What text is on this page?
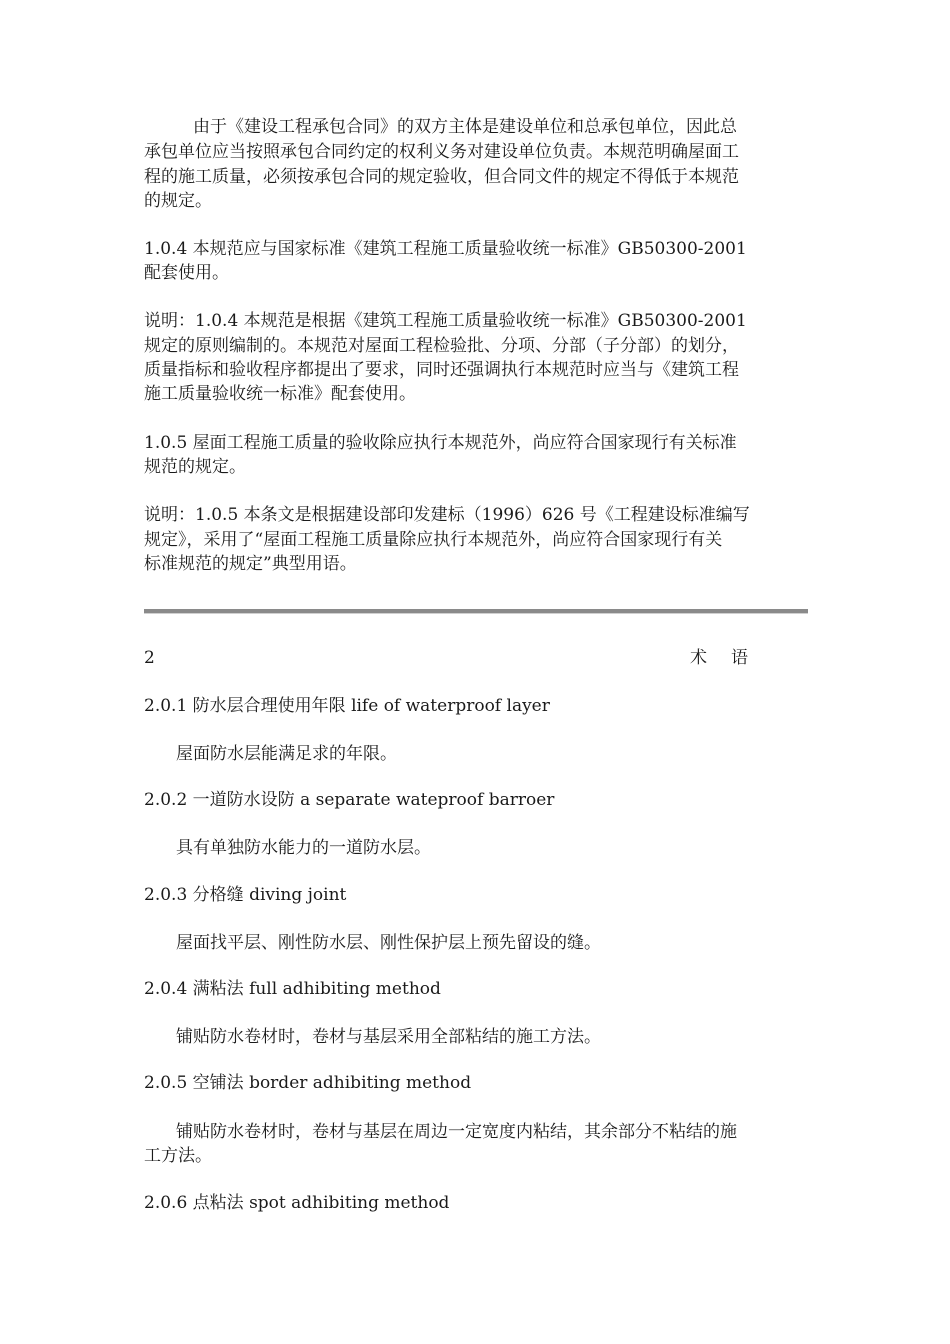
由于《建设工程承包合同》的双方主体是建设单位和总承包单位，因此总
承包单位应当按照承包合同约定的权利义务对建设单位负责。本规范明确屋面工
程的施工质量，必须按承包合同的规定验收，但合同文件的规定不得低于本规范
的规定。
1.0.4 本规范应与国家标准《建筑工程施工质量验收统一标准》GB50300-2001
配套使用。
说明：1.0.4 本规范是根据《建筑工程施工质量验收统一标准》GB50300-2001
规定的原则编制的。本规范对屋面工程检验批、分项、分部（子分部）的划分，
质量指标和验收程序都提出了要求，同时还强调执行本规范时应当与《建筑工程
施工质量验收统一标准》配套使用。
1.0.5 屋面工程施工质量的验收除应执行本规范外，尚应符合国家现行有关标准
规范的规定。
说明：1.0.5 本条文是根据建设部印发建标（1996）626 号《工程建设标准编写
规定》，采用了“屋面工程施工质量除应执行本规范外，尚应符合国家现行有关
标准规范的规定”典型用语。
2	术语
2.0.1 防水层合理使用年限 life of waterproof layer
屋面防水层能满足求的年限。
2.0.2 一道防水设防 a separate wateproof barroer
具有单独防水能力的一道防水层。
2.0.3 分格缝 diving joint
屋面找平层、刚性防水层、刚性保护层上预先留设的缝。
2.0.4 满粘法 full adhibiting method
铺贴防水卷材时，卷材与基层采用全部粘结的施工方法。
2.0.5 空铺法 border adhibiting method
铺贴防水卷材时，卷材与基层在周边一定宽度内粘结，其余部分不粘结的施
工方法。
2.0.6 点粘法 spot adhibiting method
